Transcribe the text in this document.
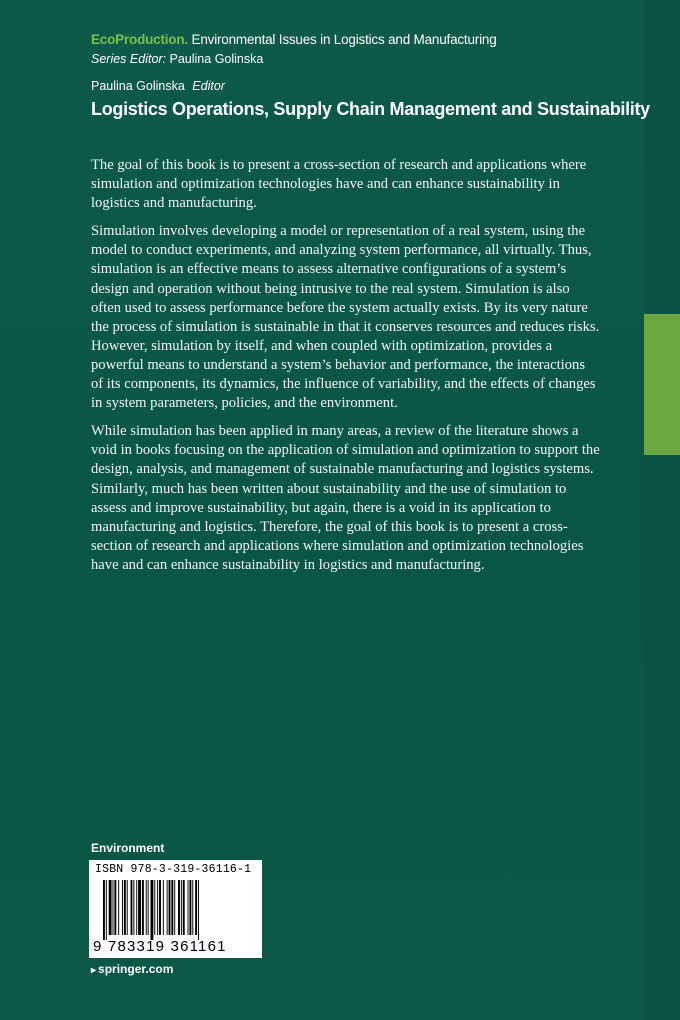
EcoProduction. Environmental Issues in Logistics and Manufacturing
Series Editor: Paulina Golinska
Paulina Golinska Editor
Logistics Operations, Supply Chain Management and Sustainability

The goal of this book is to present a cross-section of research and applications where simulation and optimization technologies have and can enhance sustainability in logistics and manufacturing.

Simulation involves developing a model or representation of a real system, using the model to conduct experiments, and analyzing system performance, all virtually. Thus, simulation is an effective means to assess alternative configurations of a system’s design and operation without being intrusive to the real system. Simulation is also often used to assess performance before the system actually exists. By its very nature the process of simulation is sustainable in that it conserves resources and reduces risks. However, simulation by itself, and when coupled with optimization, provides a powerful means to understand a system’s behavior and performance, the interactions of its components, its dynamics, the influence of variability, and the effects of changes in system parameters, policies, and the environment.

While simulation has been applied in many areas, a review of the literature shows a void in books focusing on the application of simulation and optimization to support the design, analysis, and management of sustainable manufacturing and logistics systems. Similarly, much has been written about sustainability and the use of simulation to assess and improve sustainability, but again, there is a void in its application to manufacturing and logistics. Therefore, the goal of this book is to present a cross-section of research and applications where simulation and optimization technologies have and can enhance sustainability in logistics and manufacturing.

Environment
ISBN 978-3-319-36116-1
9 783319 361161
▸ springer.com
